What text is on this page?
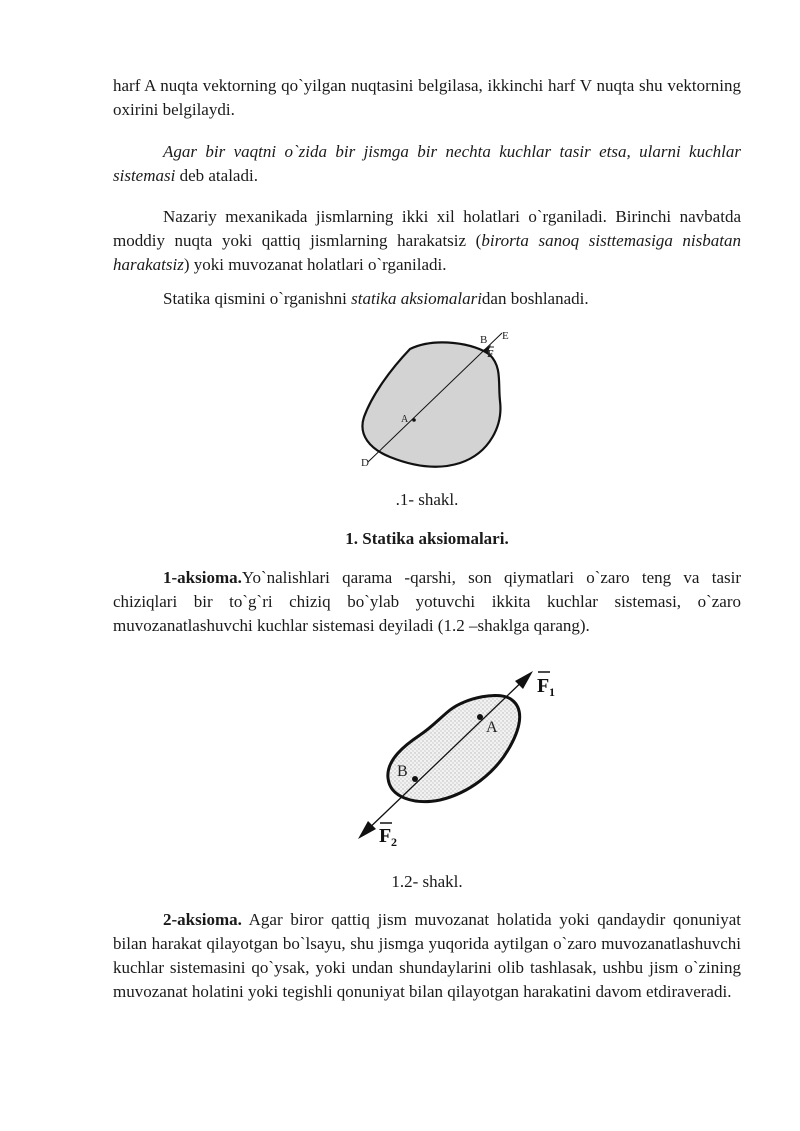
harf A nuqta vektorning qo`yilgan nuqtasini belgilasa, ikkinchi harf V nuqta shu vektorning oxirini belgilaydi.

Agar bir vaqtni o`zida bir jismga bir nechta kuchlar tasir etsa, ularni kuchlar sistemasi deb ataladi.

Nazariy mexanikada jismlarning ikki xil holatlari o`rganiladi. Birinchi navbatda moddiy nuqta yoki qattiq jismlarning harakatsiz (birorta sanoq sisttemasiga nisbatan harakatsiz) yoki muvozanat holatlari o`rganiladi.

Statika qismini o`rganishni statika aksiomalaridan boshlanadi.

B E
F
A
D

.1- shakl.

1. Statika aksiomalari.

1-aksioma.Yo`nalishlari qarama -qarshi, son qiymatlari o`zaro teng va tasir chiziqlari bir to`g`ri chiziq bo`ylab yotuvchi ikkita kuchlar sistemasi, o`zaro muvozanatlashuvchi kuchlar sistemasi deyiladi (1.2 –shaklga qarang).

A
B
F 1
F 2

1.2- shakl.

2-aksioma. Agar biror qattiq jism muvozanat holatida yoki qandaydir qonuniyat bilan harakat qilayotgan bo`lsayu, shu jismga yuqorida aytilgan o`zaro muvozanatlashuvchi kuchlar sistemasini qo`ysak, yoki undan shundaylarini olib tashlasak, ushbu jism o`zining muvozanat holatini yoki tegishli qonuniyat bilan qilayotgan harakatini davom etdiraveradi.
